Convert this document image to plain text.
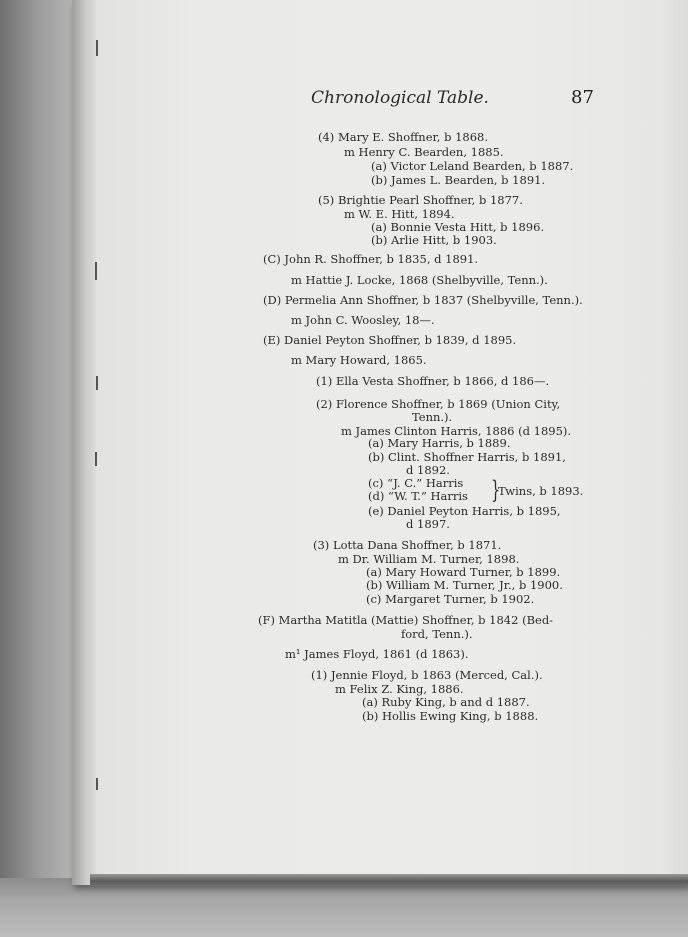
Chronological Table.	87
(4) Mary E. Shoffner, b 1868.
m Henry C. Bearden, 1885.
(a) Victor Leland Bearden, b 1887.
(b) James L. Bearden, b 1891.
(5) Brightie Pearl Shoffner, b 1877.
m W. E. Hitt, 1894.
(a) Bonnie Vesta Hitt, b 1896.
(b) Arlie Hitt, b 1903.
(C) John R. Shoffner, b 1835, d 1891.
m Hattie J. Locke, 1868 (Shelbyville, Tenn.).
(D) Permelia Ann Shoffner, b 1837 (Shelbyville, Tenn.).
m John C. Woosley, 18—.
(E) Daniel Peyton Shoffner, b 1839, d 1895.
m Mary Howard, 1865.
(1) Ella Vesta Shoffner, b 1866, d 186—.
(2) Florence Shoffner, b 1869 (Union City,
Tenn.).
m James Clinton Harris, 1886 (d 1895).
(a) Mary Harris, b 1889.
(b) Clint. Shoffner Harris, b 1891,
d 1892.
(c) “J. C.” Harris
(d) “W. T.” Harris }
Twins, b 1893.
(e) Daniel Peyton Harris, b 1895,
d 1897.
(3) Lotta Dana Shoffner, b 1871.
m Dr. William M. Turner, 1898.
(a) Mary Howard Turner, b 1899.
(b) William M. Turner, Jr., b 1900.
(c) Margaret Turner, b 1902.
(F) Martha Matitla (Mattie) Shoffner, b 1842 (Bed-
ford, Tenn.).
m¹ James Floyd, 1861 (d 1863).
(1) Jennie Floyd, b 1863 (Merced, Cal.).
m Felix Z. King, 1886.
(a) Ruby King, b and d 1887.
(b) Hollis Ewing King, b 1888.
